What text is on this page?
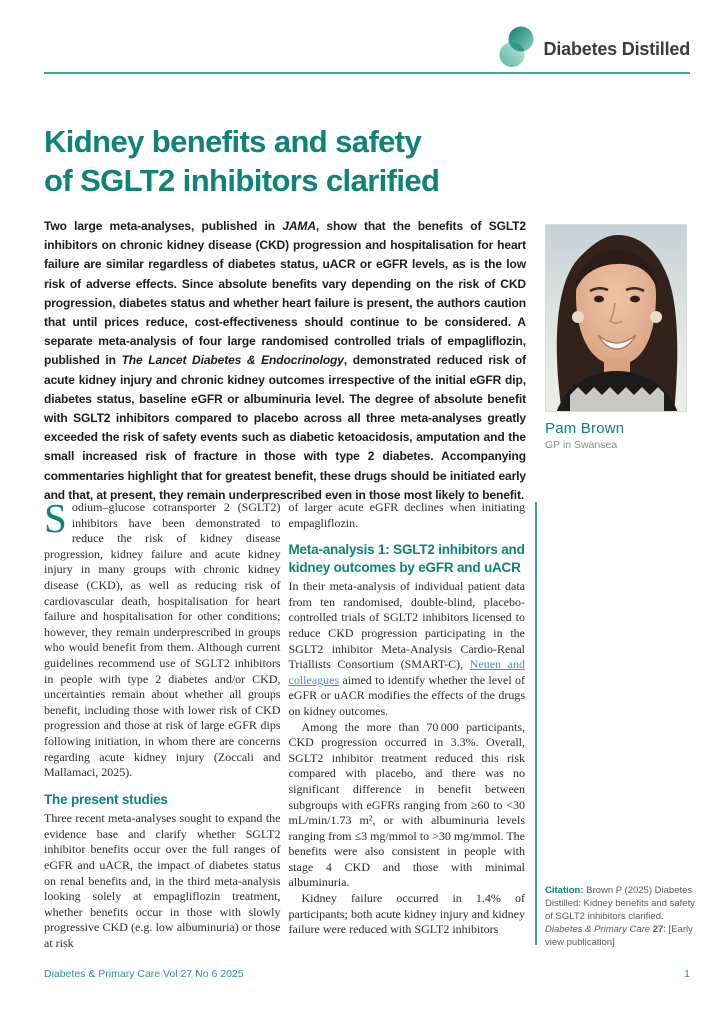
Diabetes Distilled
Kidney benefits and safety
of SGLT2 inhibitors clarified

Two large meta-analyses, published in JAMA, show that the benefits of SGLT2 inhibitors on chronic kidney disease (CKD) progression and hospitalisation for heart failure are similar regardless of diabetes status, uACR or eGFR levels, as is the low risk of adverse effects. Since absolute benefits vary depending on the risk of CKD progression, diabetes status and whether heart failure is present, the authors caution that until prices reduce, cost-effectiveness should continue to be considered. A separate meta-analysis of four large randomised controlled trials of empagliflozin, published in The Lancet Diabetes & Endocrinology, demonstrated reduced risk of acute kidney injury and chronic kidney outcomes irrespective of the initial eGFR dip, diabetes status, baseline eGFR or albuminuria level. The degree of absolute benefit with SGLT2 inhibitors compared to placebo across all three meta-analyses greatly exceeded the risk of safety events such as diabetic ketoacidosis, amputation and the small increased risk of fracture in those with type 2 diabetes. Accompanying commentaries highlight that for greatest benefit, these drugs should be initiated early and that, at present, they remain underprescribed even in those most likely to benefit.

Pam Brown
GP in Swansea

Sodium–glucose cotransporter 2 (SGLT2) inhibitors have been demonstrated to reduce the risk of kidney disease progression, kidney failure and acute kidney injury in many groups with chronic kidney disease (CKD), as well as reducing risk of cardiovascular death, hospitalisation for heart failure and hospitalisation for other conditions; however, they remain underprescribed in groups who would benefit from them. Although current guidelines recommend use of SGLT2 inhibitors in people with type 2 diabetes and/or CKD, uncertainties remain about whether all groups benefit, including those with lower risk of CKD progression and those at risk of large eGFR dips following initiation, in whom there are concerns regarding acute kidney injury (Zoccali and Mallamaci, 2025).

The present studies

Three recent meta-analyses sought to expand the evidence base and clarify whether SGLT2 inhibitor benefits occur over the full ranges of eGFR and uACR, the impact of diabetes status on renal benefits and, in the third meta-analysis looking solely at empagliflozin treatment, whether benefits occur in those with slowly progressive CKD (e.g. low albuminuria) or those at risk

of larger acute eGFR declines when initiating empagliflozin.

Meta-analysis 1: SGLT2 inhibitors and kidney outcomes by eGFR and uACR

In their meta-analysis of individual patient data from ten randomised, double-blind, placebo-controlled trials of SGLT2 inhibitors licensed to reduce CKD progression participating in the SGLT2 inhibitor Meta-Analysis Cardio-Renal Triallists Consortium (SMART-C), Neuen and colleagues aimed to identify whether the level of eGFR or uACR modifies the effects of the drugs on kidney outcomes.

Among the more than 70 000 participants, CKD progression occurred in 3.3%. Overall, SGLT2 inhibitor treatment reduced this risk compared with placebo, and there was no significant difference in benefit between subgroups with eGFRs ranging from ≥60 to <30 mL/min/1.73 m², or with albuminuria levels ranging from ≤3 mg/mmol to >30 mg/mmol. The benefits were also consistent in people with stage 4 CKD and those with minimal albuminuria.

Kidney failure occurred in 1.4% of participants; both acute kidney injury and kidney failure were reduced with SGLT2 inhibitors

Citation: Brown P (2025) Diabetes Distilled: Kidney benefits and safety of SGLT2 inhibitors clarified. Diabetes & Primary Care 27: [Early view publication]
Diabetes & Primary Care Vol 27 No 6 2025	1
